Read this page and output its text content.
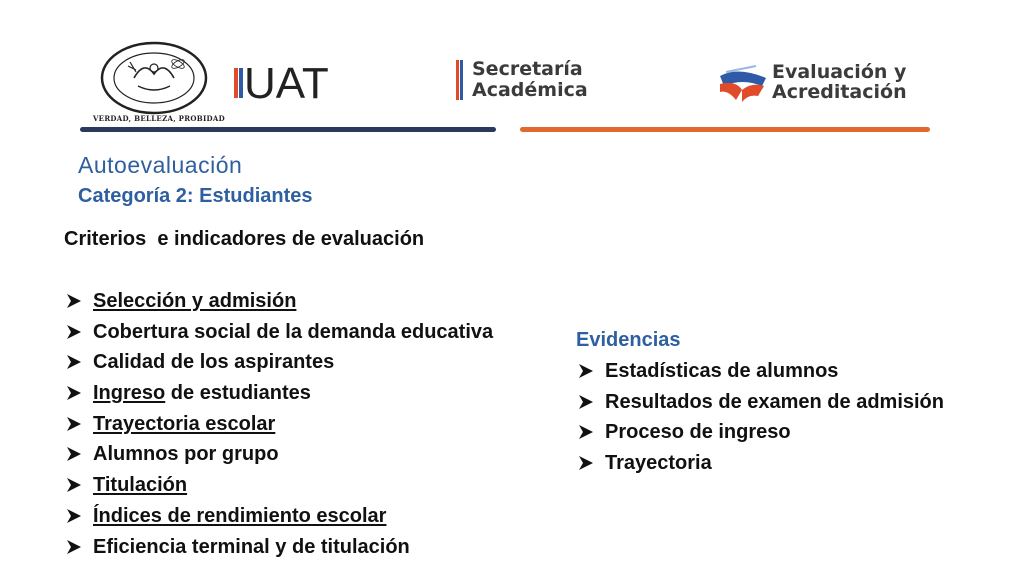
VERDAD, BELLEZA, PROBIDAD
UAT	Secretaría
Académica
Evaluación y
Acreditación
Autoevaluación
Categoría 2: Estudiantes
Criterios  e indicadores de evaluación
Selección y admisión
Cobertura social de la demanda educativa
Calidad de los aspirantes
Ingreso de estudiantes
Trayectoria escolar
Alumnos por grupo
Titulación
Índices de rendimiento escolar
Eficiencia terminal y de titulación
Evidencias
Estadísticas de alumnos
Resultados de examen de admisión
Proceso de ingreso
Trayectoria
